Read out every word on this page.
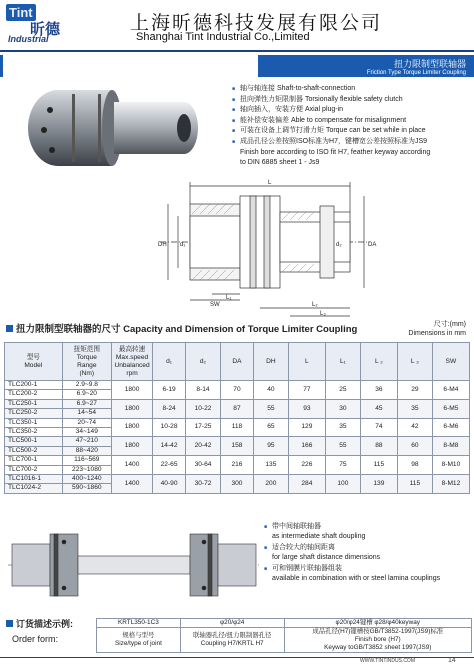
Tint
昕德
Industrial
上海昕德科技发展有限公司
Shanghai Tint Industrial Co.,Limited
扭力限制型联轴器
Friction Type Torque Limiter Coupling
■ 轴与轴连接 Shaft-to-shaft-connection
■ 扭向弹性力矩限制器 Torsionally flexible safety clutch
■ 轴向插入，安装方便 Axial plug-in
■ 能补偿安装偏差 Able to compensate for misalignment
■ 可装在设备上调节打滑力矩 Torque can be set while in place
■ 成品孔径公差按照ISO标准为H7，键槽宽公差按照标准为JS9
Finish bore according to ISO fit H7, feather keyway according
to DIN 6885 sheet 1 - Js9
L
SW
L₁
L₂
L₃
DH d₁	DA
d₂
扭力限制型联轴器的尺寸 Capacity and Dimension of Torque Limiter Coupling	尺寸:(mm)
Dimensions in mm
型号
Model	扭矩范围
Torque
Range
(Nm)	最高转速
Max.speed
Unbalanced
rpm	d₁	d₂	DA	DH	L	L₁	L ₂	L ₃	SW
TLC200-1	2.9~9.8	1800	6-19	8-14	70	40	77	25	36	29	6-M4
TLC200-2	6.9~20										
TLC250-1	6.9~27	1800	8-24	10-22	87	55	93	30	45	35	6-M5
TLC250-2	14~54										
TLC350-1	20~74	1800	10-28	17-25	118	65	129	35	74	42	6-M6
TLC350-2	34~149										
TLC500-1	47~210	1800	14-42	20-42	158	95	166	55	88	60	8-M8
TLC500-2	88~420										
TLC700-1	116~569	1400	22-65	30-64	216	135	226	75	115	98	8-M10
TLC700-2	223~1080										
TLC1016-1	400~1240	1400	40-90	30-72	300	200	284	100	139	115	8-M12
TLC1024-2	590~1860										
■ 带中间轴联轴器
as intermediate shaft doupling
■ 适合较大的轴间距离
for large shaft distance dimensions
■ 可和钢膜片联轴器组装
available in combination with or steel lamina couplings
订货描述示例:
Order form:
KRTL350-1C3	φ20/φ24	φ20/φ24键槽 φ28/φ40keyway
规格与型号
Size/type of joint	联轴器孔径/扭力限制器孔径
Coupling H7/KRTL H7	成品孔径(H7)键槽按GB/T3852-1997(JS9)标准
Finish bore (H7)
Keyway toGB/T3852 sheet 1997(JS9)
WWW.TINTINDUS.COM	14
